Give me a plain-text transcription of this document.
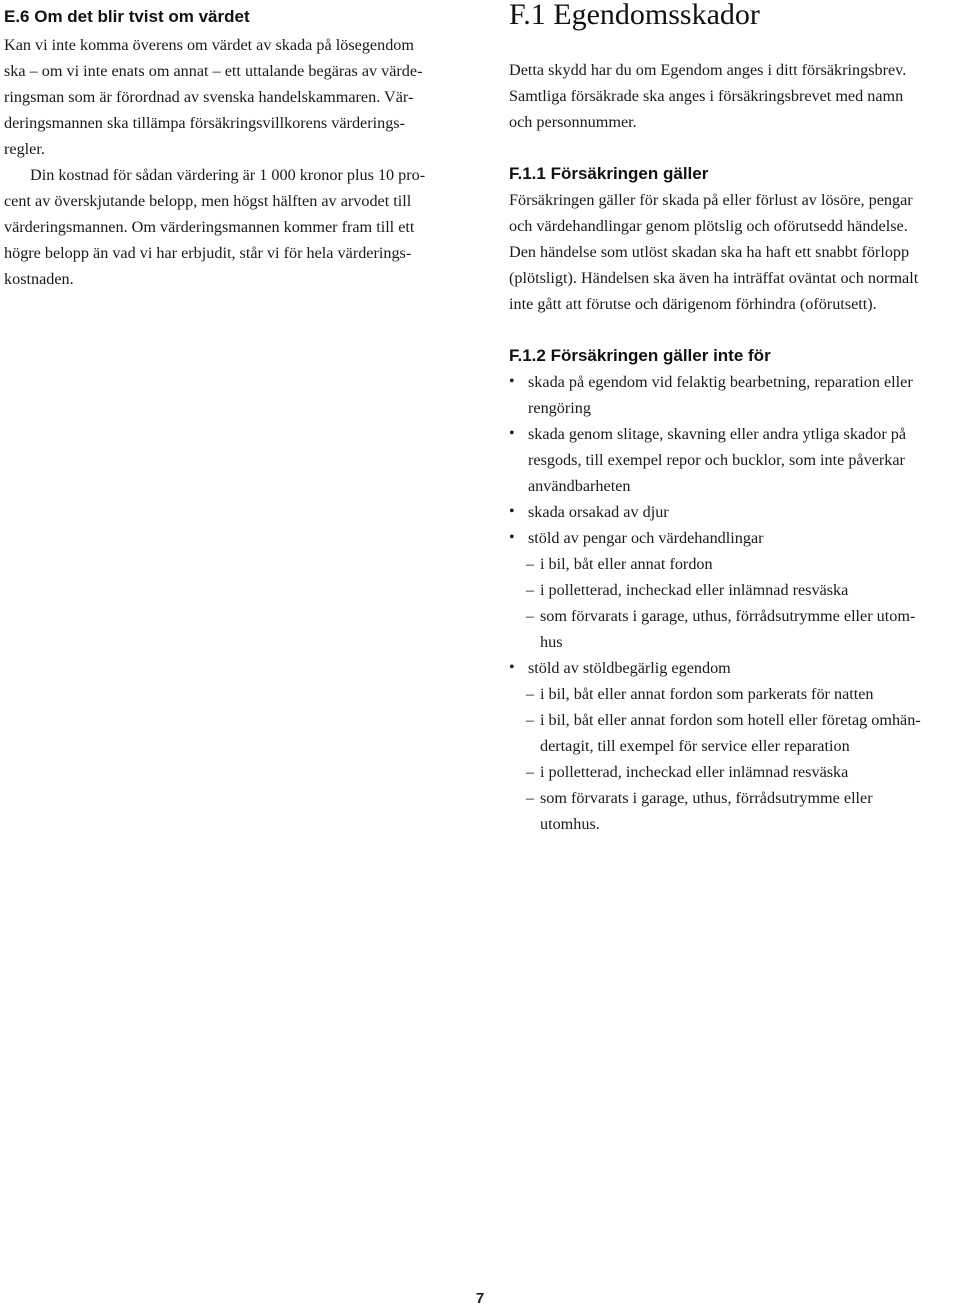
E.6 Om det blir tvist om värdet
Kan vi inte komma överens om värdet av skada på lösegendom
ska – om vi inte enats om annat – ett uttalande begäras av värde-
ringsman som är förordnad av svenska handelskammaren. Vär-
deringsmannen ska tillämpa försäkringsvillkorens värderings-
regler.
Din kostnad för sådan värdering är 1 000 kronor plus 10 pro-
cent av överskjutande belopp, men högst hälften av arvodet till
värderingsmannen. Om värderingsmannen kommer fram till ett
högre belopp än vad vi har erbjudit, står vi för hela värderings-
kostnaden.
F.1 Egendomsskador
Detta skydd har du om Egendom anges i ditt försäkringsbrev.
Samtliga försäkrade ska anges i försäkringsbrevet med namn
och personnummer.
F.1.1 Försäkringen gäller
Försäkringen gäller för skada på eller förlust av lösöre, pengar
och värdehandlingar genom plötslig och oförutsedd händelse.
Den händelse som utlöst skadan ska ha haft ett snabbt förlopp
(plötsligt). Händelsen ska även ha inträffat oväntat och normalt
inte gått att förutse och därigenom förhindra (oförutsett).
F.1.2 Försäkringen gäller inte för
• skada på egendom vid felaktig bearbetning, reparation eller
rengöring
• skada genom slitage, skavning eller andra ytliga skador på
resgods, till exempel repor och bucklor, som inte påverkar
användbarheten
• skada orsakad av djur
• stöld av pengar och värdehandlingar
– i bil, båt eller annat fordon
– i polletterad, incheckad eller inlämnad resväska
– som förvarats i garage, uthus, förrådsutrymme eller utom-
hus
• stöld av stöldbegärlig egendom
– i bil, båt eller annat fordon som parkerats för natten
– i bil, båt eller annat fordon som hotell eller företag omhän-
dertagit, till exempel för service eller reparation
– i polletterad, incheckad eller inlämnad resväska
– som förvarats i garage, uthus, förrådsutrymme eller
utomhus.
7
